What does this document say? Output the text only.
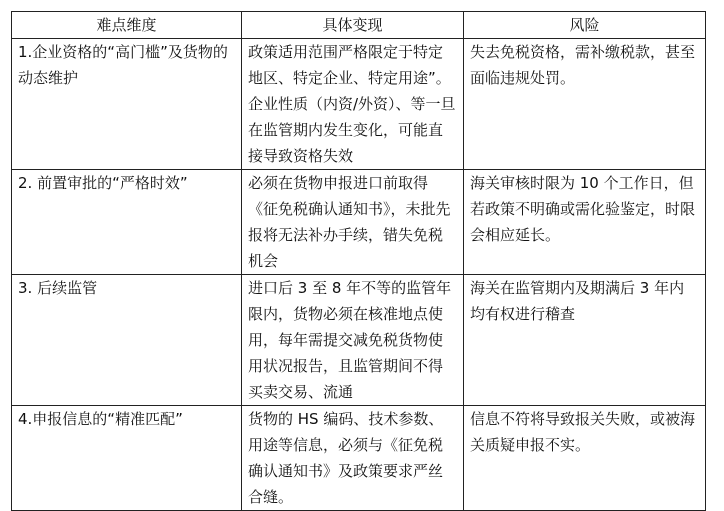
难点维度	具体变现	风险
1.企业资格的“高门槛”及货物的动态维护	政策适用范围严格限定于特定地区、特定企业、特定用途”。企业性质（内资/外资）、等一旦在监管期内发生变化，可能直接导致资格失效	失去免税资格，需补缴税款，甚至面临违规处罚。
2. 前置审批的“严格时效”	必须在货物申报进口前取得《征免税确认通知书》，未批先报将无法补办手续，错失免税机会	海关审核时限为 10 个工作日，但若政策不明确或需化验鉴定，时限会相应延长。
3. 后续监管	进口后 3 至 8 年不等的监管年限内，货物必须在核准地点使用，每年需提交减免税货物使用状况报告，且监管期间不得买卖交易、流通	海关在监管期内及期满后 3 年内均有权进行稽查
4.申报信息的“精准匹配”	货物的 HS 编码、技术参数、用途等信息，必须与《征免税确认通知书》及政策要求严丝合缝。	信息不符将导致报关失败，或被海关质疑申报不实。
